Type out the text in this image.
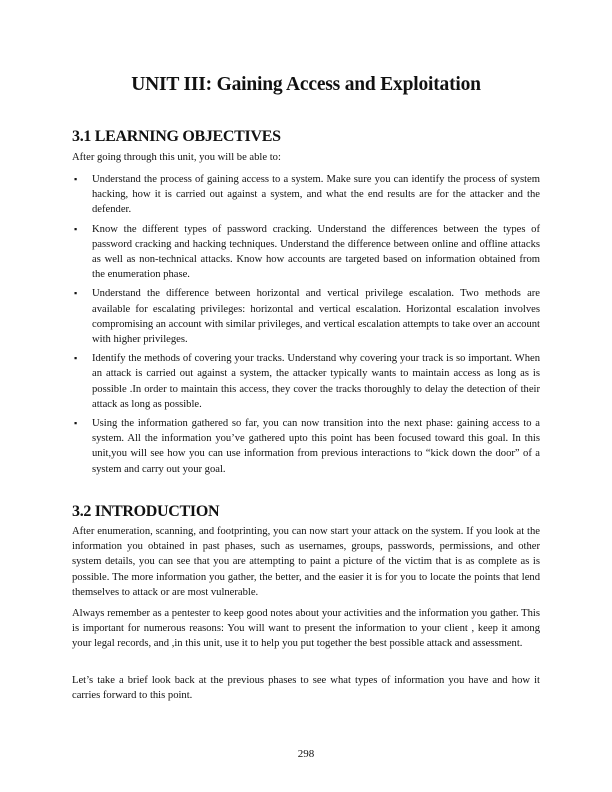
UNIT III: Gaining Access and Exploitation
3.1 LEARNING OBJECTIVES

After going through this unit, you will be able to:

▪ Understand the process of gaining access to a system. Make sure you can identify the process of system hacking, how it is carried out against a system, and what the end results are for the attacker and the defender.
▪ Know the different types of password cracking. Understand the differences between the types of password cracking and hacking techniques. Understand the difference between online and offline attacks as well as non-technical attacks. Know how accounts are targeted based on information obtained from the enumeration phase.
▪ Understand the difference between horizontal and vertical privilege escalation. Two methods are available for escalating privileges: horizontal and vertical escalation. Horizontal escalation involves compromising an account with similar privileges, and vertical escalation attempts to take over an account with higher privileges.
▪ Identify the methods of covering your tracks. Understand why covering your track is so important. When an attack is carried out against a system, the attacker typically wants to maintain access as long as is possible .In order to maintain this access, they cover the tracks thoroughly to delay the detection of their attack as long as possible.
▪ Using the information gathered so far, you can now transition into the next phase: gaining access to a system. All the information you’ve gathered upto this point has been focused toward this goal. In this unit,you will see how you can use information from previous interactions to “kick down the door” of a system and carry out your goal.
3.2 INTRODUCTION

After enumeration, scanning, and footprinting, you can now start your attack on the system. If you look at the information you obtained in past phases, such as usernames, groups, passwords, permissions, and other system details, you can see that you are attempting to paint a picture of the victim that is as complete as is possible. The more information you gather, the better, and the easier it is for you to locate the points that lend themselves to attack or are most vulnerable.

Always remember as a pentester to keep good notes about your activities and the information you gather. This is important for numerous reasons: You will want to present the information to your client , keep it among your legal records, and ,in this unit, use it to help you put together the best possible attack and assessment.

Let’s take a brief look back at the previous phases to see what types of information you have and how it carries forward to this point.

298
